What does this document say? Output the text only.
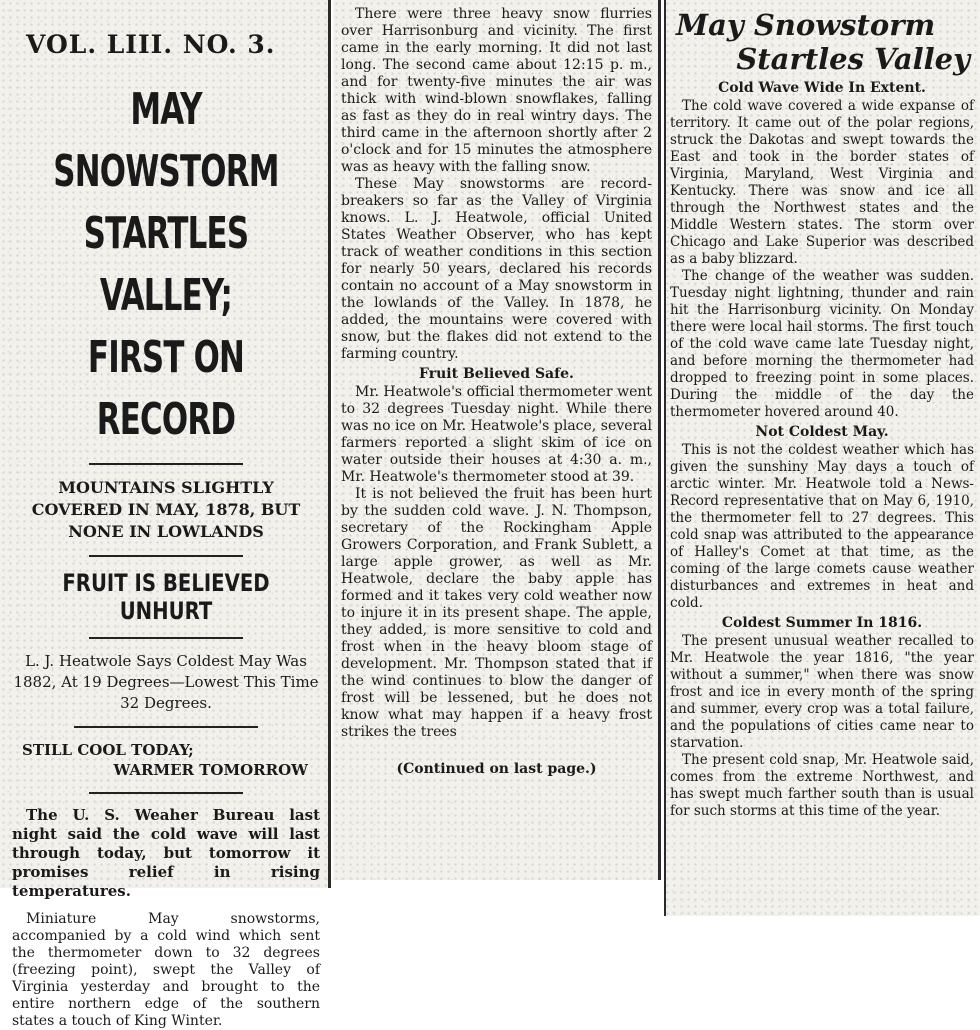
VOL. LIII. NO. 3.
MAY SNOWSTORM
STARTLES VALLEY;
FIRST ON RECORD
MOUNTAINS SLIGHTLY COVERED IN MAY, 1878, BUT NONE IN LOWLANDS
FRUIT IS BELIEVED UNHURT
L. J. Heatwole Says Coldest May Was 1882, At 19 Degrees—Lowest This Time 32 Degrees.
STILL COOL TODAY;
WARMER TOMORROW

The U. S. Weaher Bureau last night said the cold wave will last through today, but tomorrow it promises relief in rising temperatures.

Miniature May snowstorms, accompanied by a cold wind which sent the thermometer down to 32 degrees (freezing point), swept the Valley of Virginia yesterday and brought to the entire northern edge of the southern states a touch of King Winter.

There were three heavy snow flurries over Harrisonburg and vicinity. The first came in the early morning. It did not last long. The second came about 12:15 p. m., and for twenty-five minutes the air was thick with wind-blown snowflakes, falling as fast as they do in real wintry days. The third came in the afternoon shortly after 2 o'clock and for 15 minutes the atmosphere was as heavy with the falling snow.

These May snowstorms are record-breakers so far as the Valley of Virginia knows. L. J. Heatwole, official United States Weather Observer, who has kept track of weather conditions in this section for nearly 50 years, declared his records contain no account of a May snowstorm in the lowlands of the Valley. In 1878, he added, the mountains were covered with snow, but the flakes did not extend to the farming country.

Fruit Believed Safe.

Mr. Heatwole's official thermometer went to 32 degrees Tuesday night. While there was no ice on Mr. Heatwole's place, several farmers reported a slight skim of ice on water outside their houses at 4:30 a. m., Mr. Heatwole's thermometer stood at 39.

It is not believed the fruit has been hurt by the sudden cold wave. J. N. Thompson, secretary of the Rockingham Apple Growers Corporation, and Frank Sublett, a large apple grower, as well as Mr. Heatwole, declare the baby apple has formed and it takes very cold weather now to injure it in its present shape. The apple, they added, is more sensitive to cold and frost when in the heavy bloom stage of development. Mr. Thompson stated that if the wind continues to blow the danger of frost will be lessened, but he does not know what may happen if a heavy frost strikes the trees

(Continued on last page.)
May Snowstorm
Startles Valley
Cold Wave Wide In Extent.

The cold wave covered a wide expanse of territory. It came out of the polar regions, struck the Dakotas and swept towards the East and took in the border states of Virginia, Maryland, West Virginia and Kentucky. There was snow and ice all through the Northwest states and the Middle Western states. The storm over Chicago and Lake Superior was described as a baby blizzard.

The change of the weather was sudden. Tuesday night lightning, thunder and rain hit the Harrisonburg vicinity. On Monday there were local hail storms. The first touch of the cold wave came late Tuesday night, and before morning the thermometer had dropped to freezing point in some places. During the middle of the day the thermometer hovered around 40.

Not Coldest May.

This is not the coldest weather which has given the sunshiny May days a touch of arctic winter. Mr. Heatwole told a News-Record representative that on May 6, 1910, the thermometer fell to 27 degrees. This cold snap was attributed to the appearance of Halley's Comet at that time, as the coming of the large comets cause weather disturbances and extremes in heat and cold.

Coldest Summer In 1816.

The present unusual weather recalled to Mr. Heatwole the year 1816, "the year without a summer," when there was snow frost and ice in every month of the spring and summer, every crop was a total failure, and the populations of cities came near to starvation.

The present cold snap, Mr. Heatwole said, comes from the extreme Northwest, and has swept much farther south than is usual for such storms at this time of the year.
